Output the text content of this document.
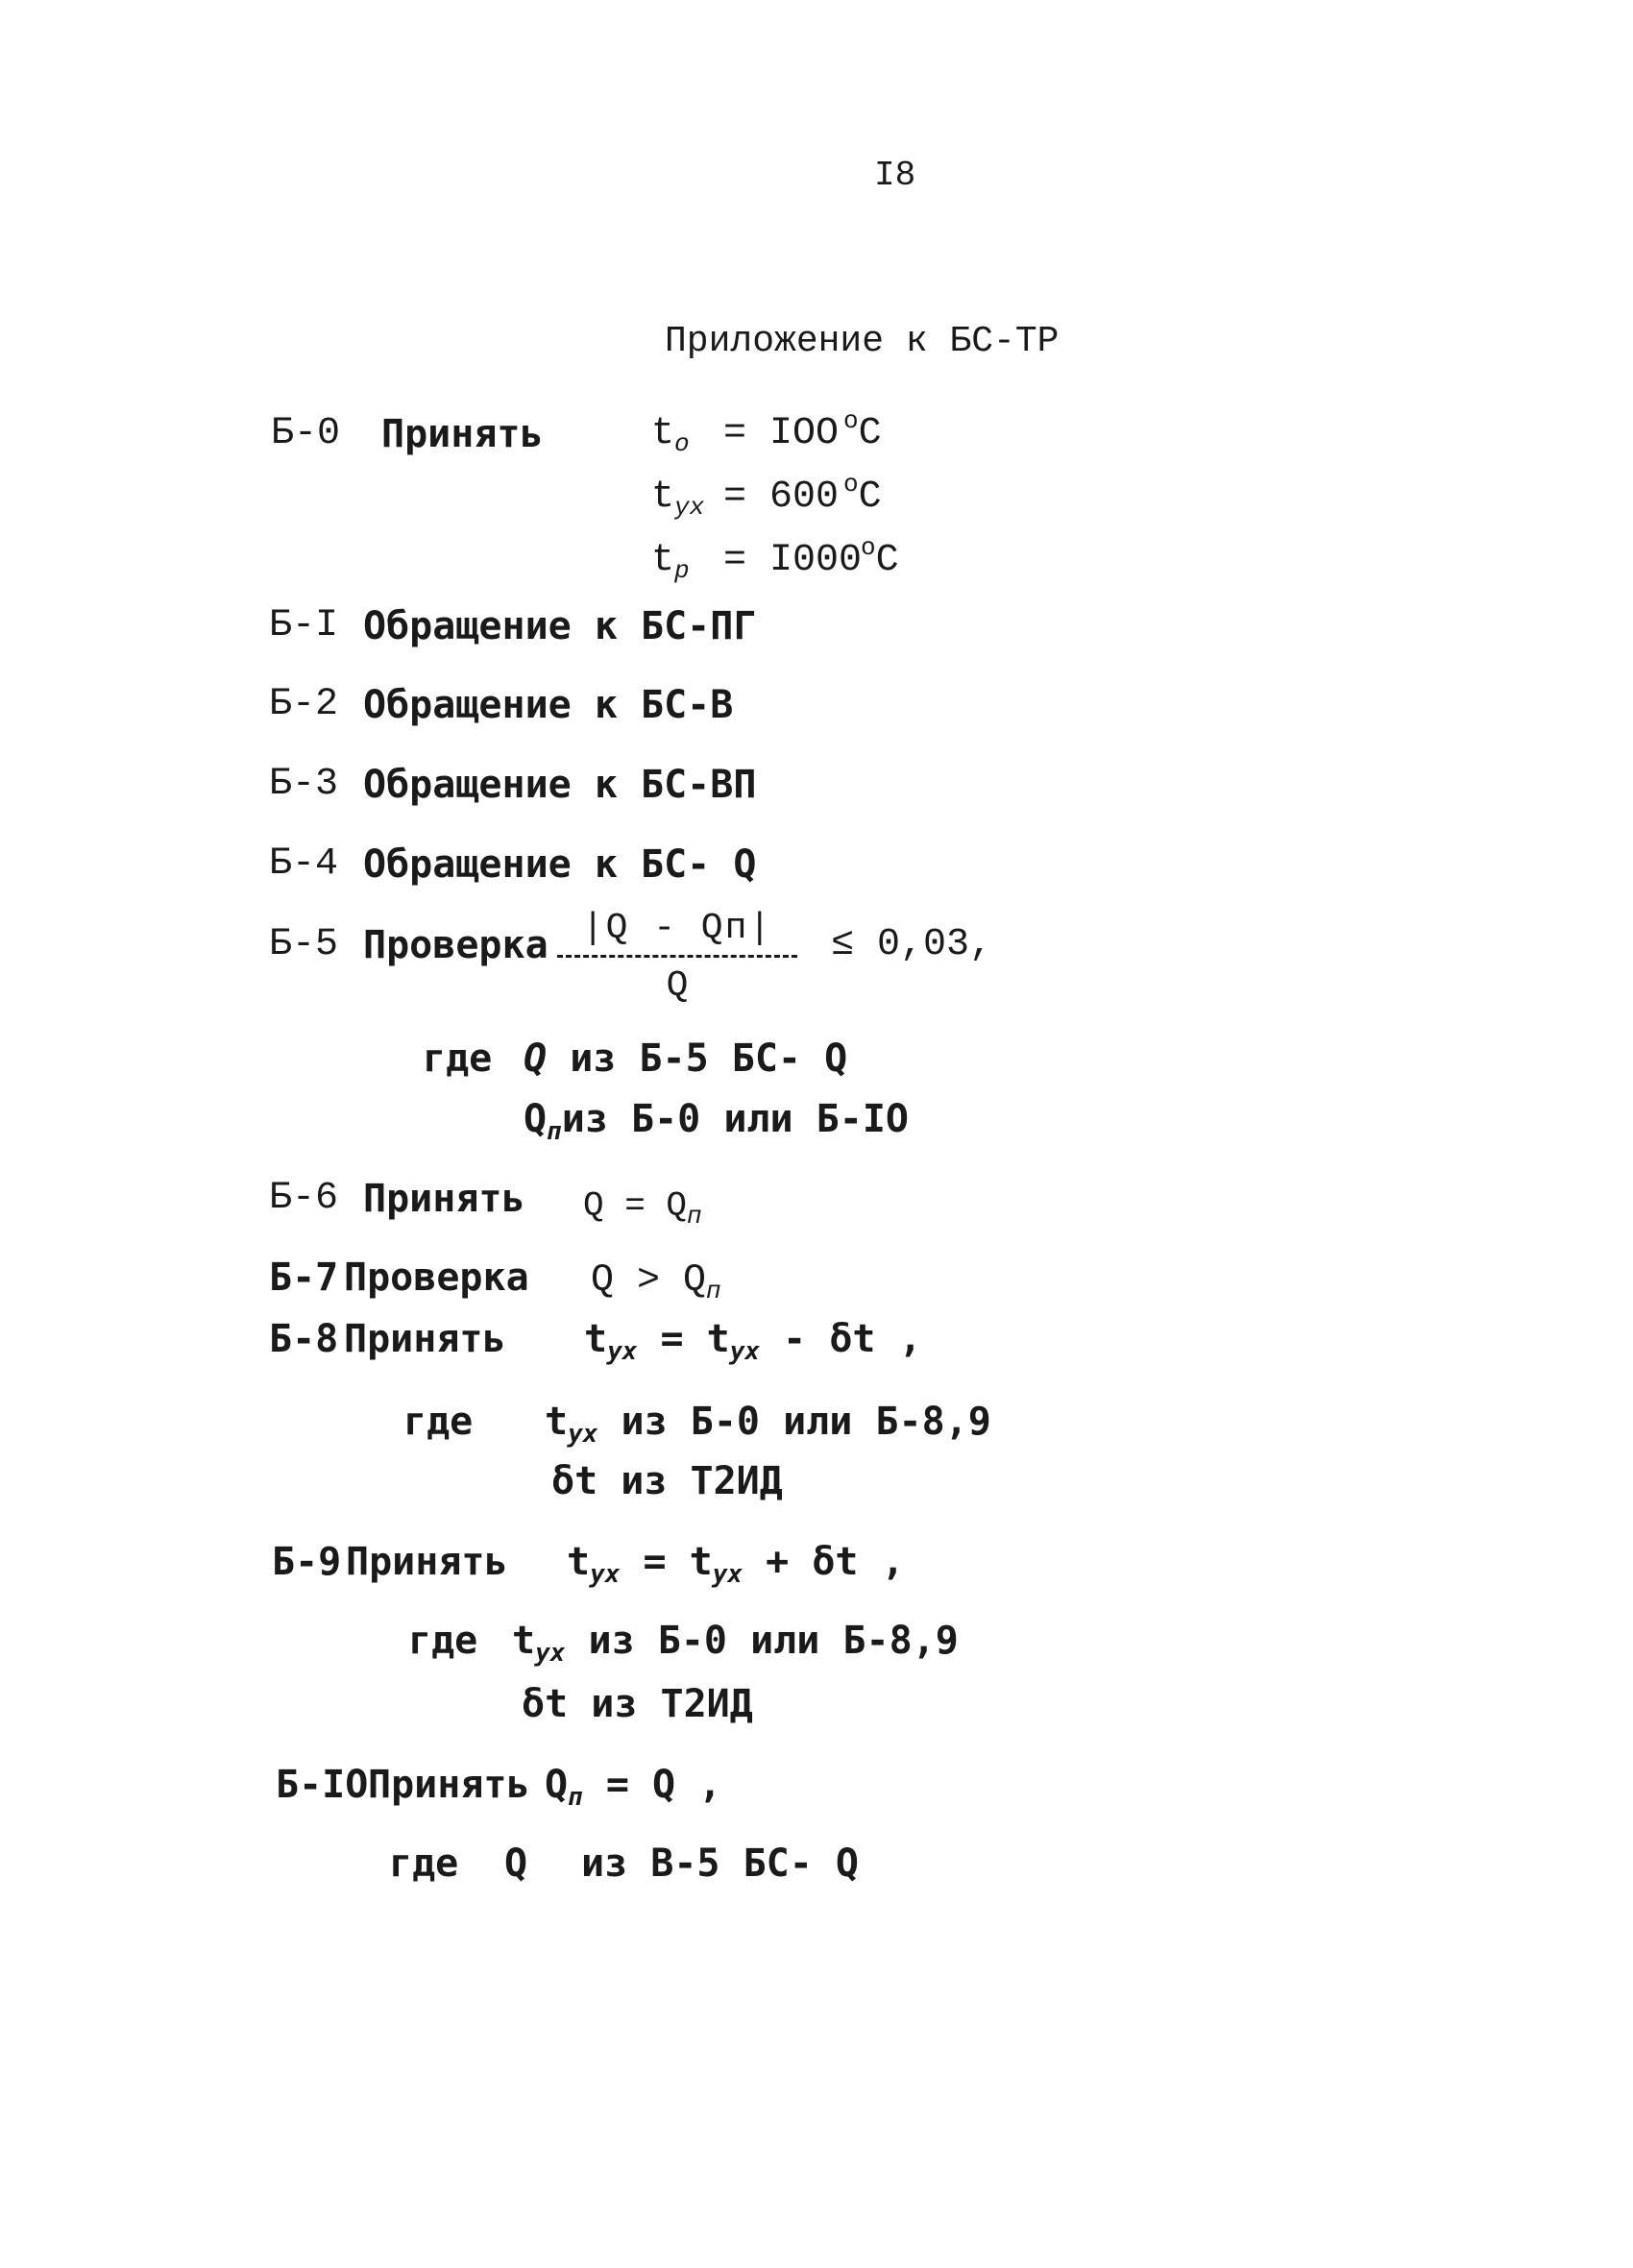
I8
Приложение к БС-ТР
Б-0 Принять	$t_о$ = IOO $^о$C
$t_{ух} = 600$ $^о$C
$t_р = I000$
$^о$C
Б-I Обращение к БС-ПГ
Б-2 Обращение к БС-В
Б-3 Обращение к БС-ВП
Б-4 Обращение к БС- Q
Б-5 Проверка |Q - Qп|
Q
≤ 0,03,
где Q из Б-5 БС- Q
$Q_пиз$ Б-0 или Б-IO
Б-6 Принять $Q = Q_п$
Б-7 Проверка $Q > Q_п$
Б-8 Принять $t_{ух} = t_{ух} - \delta t$ ,
где $t_{ух}$ из Б-0 или Б-8,9
δt из Т2ИД
Б-9 Принять $t_{ух} = t_{ух} + \delta t$ ,
где $t_{ух}$ из Б-0 или Б-8,9
δt из Т2ИД
Б-IO Принять $Q_п = Q$ ,
где Q из В-5 БС- Q
